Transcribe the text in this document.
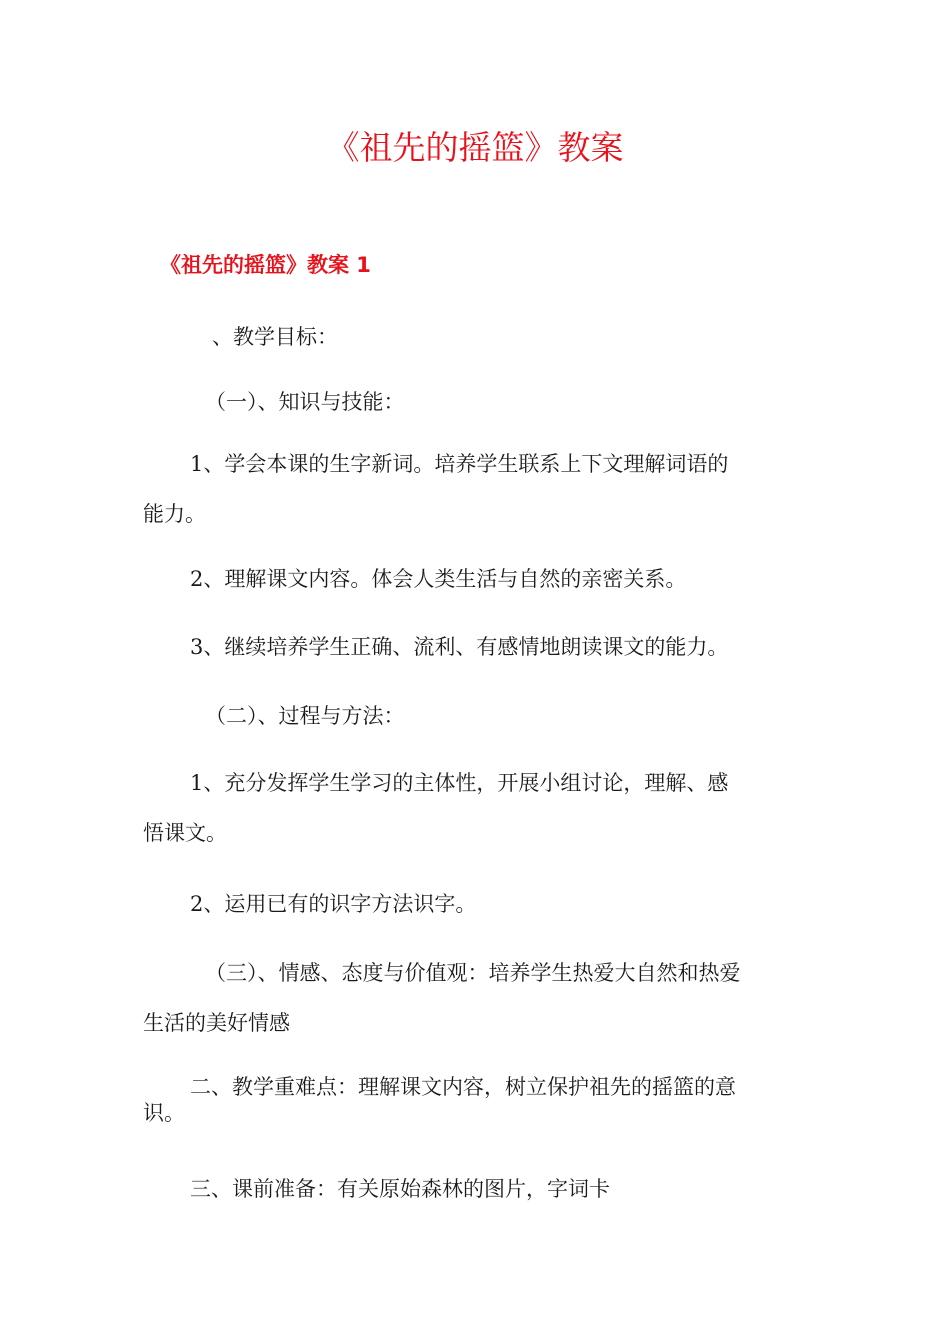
《祖先的摇篮》教案
《祖先的摇篮》教案 1
、教学目标：
（一）、知识与技能：
1、学会本课的生字新词。培养学生联系上下文理解词语的
能力。
2、理解课文内容。体会人类生活与自然的亲密关系。
3、继续培养学生正确、流利、有感情地朗读课文的能力。
（二）、过程与方法：
1、充分发挥学生学习的主体性，开展小组讨论，理解、感
悟课文。
2、运用已有的识字方法识字。
（三）、情感、态度与价值观：培养学生热爱大自然和热爱
生活的美好情感
二、教学重难点：理解课文内容，树立保护祖先的摇篮的意
识。
三、课前准备：有关原始森林的图片，字词卡
